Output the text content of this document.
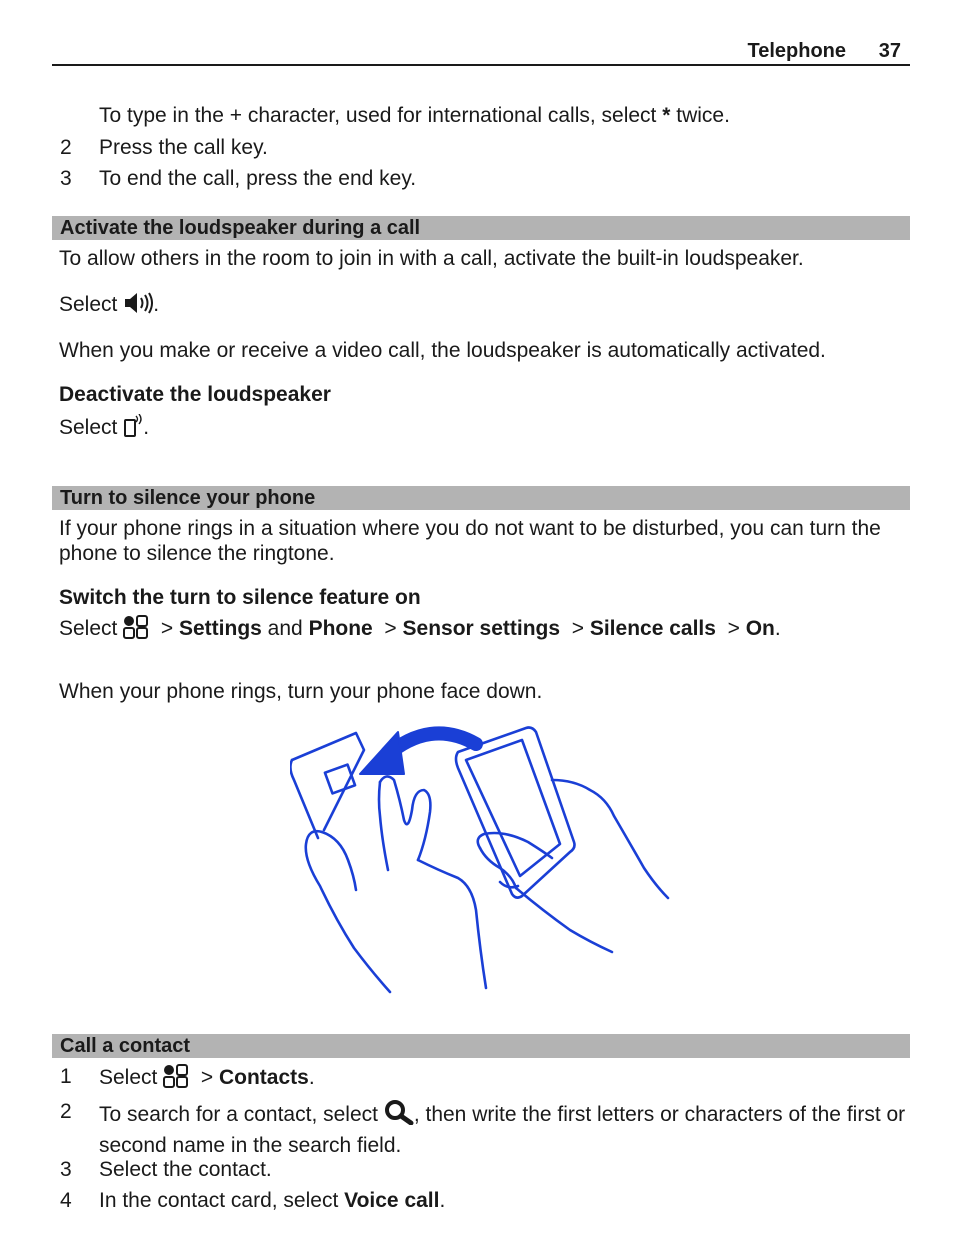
Telephone 37
To type in the + character, used for international calls, select * twice.
2 Press the call key.
3 To end the call, press the end key.
Activate the loudspeaker during a call
To allow others in the room to join in with a call, activate the built-in loudspeaker.
Select .
When you make or receive a video call, the loudspeaker is automatically activated.
Deactivate the loudspeaker
Select .
Turn to silence your phone
If your phone rings in a situation where you do not want to be disturbed, you can turn the phone to silence the ringtone.
Switch the turn to silence feature on
Select   > Settings and Phone > Sensor settings > Silence calls > On.
When your phone rings, turn your phone face down.
Call a contact
1 Select   > Contacts.
2 To search for a contact, select , then write the first letters or characters of the first or second name in the search field.
3 Select the contact.
4 In the contact card, select Voice call.
